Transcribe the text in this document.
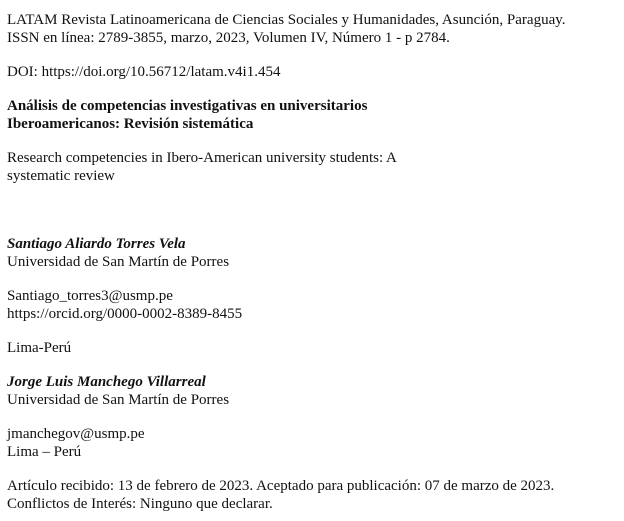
LATAM Revista Latinoamericana de Ciencias Sociales y Humanidades, Asunción, Paraguay.
ISSN en línea: 2789-3855, marzo, 2023, Volumen IV, Número 1 - p 2784.
DOI: https://doi.org/10.56712/latam.v4i1.454
Análisis de competencias investigativas en universitarios
Iberoamericanos: Revisión sistemática
Research competencies in Ibero-American university students: A
systematic review
Santiago Aliardo Torres Vela
Universidad de San Martín de Porres
Santiago_torres3@usmp.pe
https://orcid.org/0000-0002-8389-8455
Lima-Perú
Jorge Luis Manchego Villarreal
Universidad de San Martín de Porres
jmanchegov@usmp.pe
Lima – Perú
Artículo recibido: 13 de febrero de 2023. Aceptado para publicación: 07 de marzo de 2023.
Conflictos de Interés: Ninguno que declarar.
